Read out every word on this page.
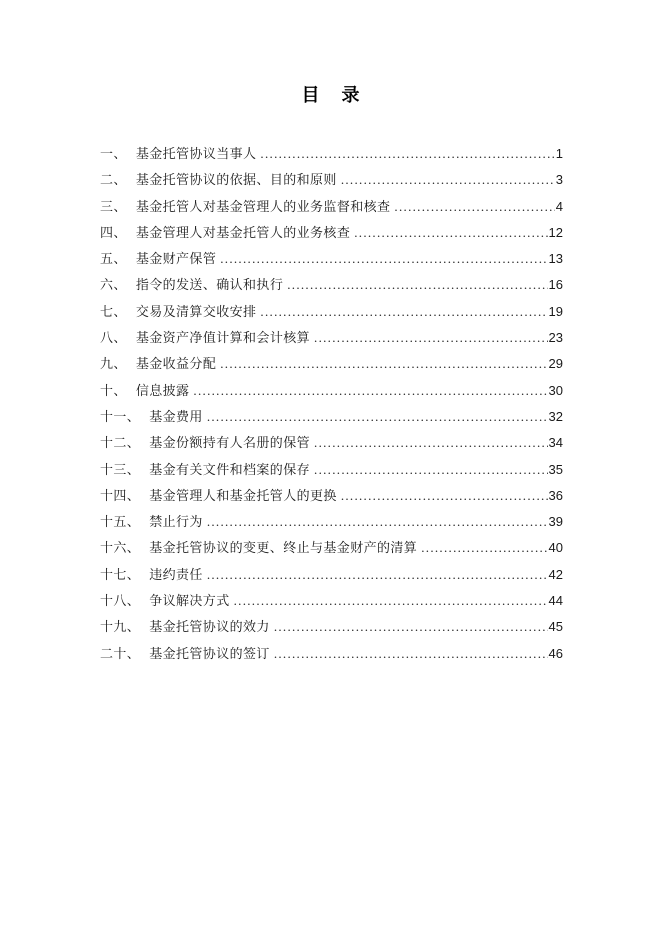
目　录
一、 基金托管协议当事人 .....	1
二、 基金托管协议的依据、目的和原则 .....	3
三、 基金托管人对基金管理人的业务监督和核查 .....	4
四、 基金管理人对基金托管人的业务核查 .....	12
五、 基金财产保管 .....	13
六、 指令的发送、确认和执行 .....	16
七、 交易及清算交收安排 .....	19
八、 基金资产净值计算和会计核算 .....	23
九、 基金收益分配 .....	29
十、 信息披露 .....	30
十一、 基金费用 .....	32
十二、 基金份额持有人名册的保管 .....	34
十三、 基金有关文件和档案的保存 .....	35
十四、 基金管理人和基金托管人的更换 .....	36
十五、 禁止行为 .....	39
十六、 基金托管协议的变更、终止与基金财产的清算 .....	40
十七、 违约责任 .....	42
十八、 争议解决方式 .....	44
十九、 基金托管协议的效力 .....	45
二十、 基金托管协议的签订 .....	46
